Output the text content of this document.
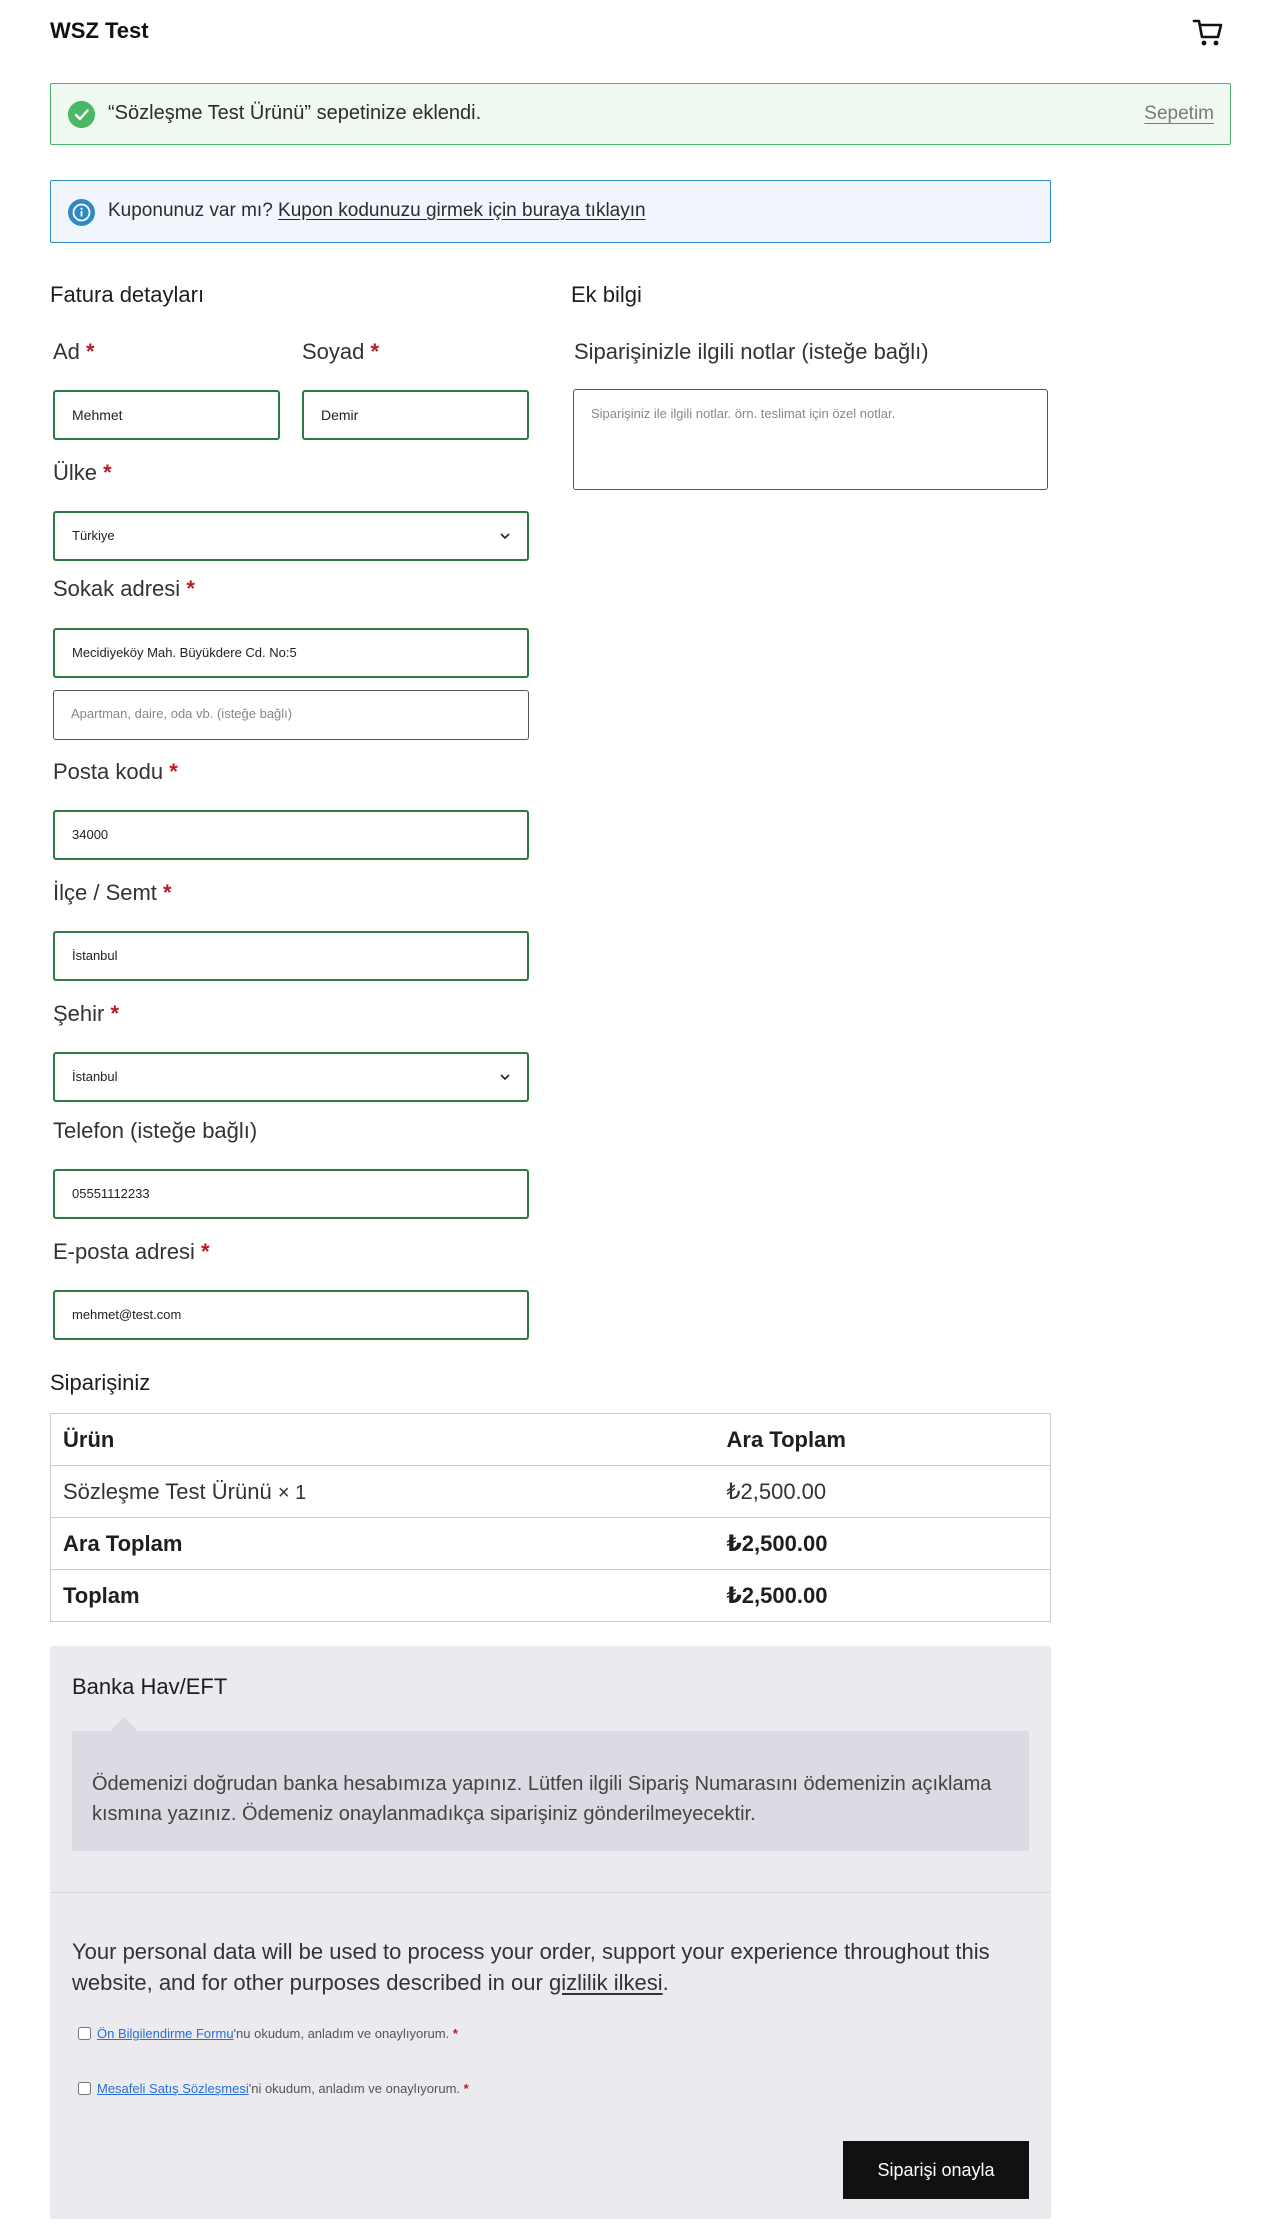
WSZ Test
“Sözleşme Test Ürünü” sepetinize eklendi.	Sepetim
Kuponunuz var mı? Kupon kodunuzu girmek için buraya tıklayın
Fatura detayları	Ek bilgi
Ad *
Mehmet
Soyad *
Demir
Siparişinizle ilgili notlar (isteğe bağlı)
Siparişiniz ile ilgili notlar. örn. teslimat için özel notlar.
Ülke *
Türkiye
Sokak adresi *
Mecidiyeköy Mah. Büyükdere Cd. No:5
Apartman, daire, oda vb. (isteğe bağlı)
Posta kodu *
34000
İlçe / Semt *
İstanbul
Şehir *
İstanbul
Telefon (isteğe bağlı)
05551112233
E-posta adresi *
mehmet@test.com
Siparişiniz
Ürün	Ara Toplam
Sözleşme Test Ürünü × 1	₺2,500.00
Ara Toplam	₺2,500.00
Toplam	₺2,500.00
Banka Hav/EFT
Ödemenizi doğrudan banka hesabımıza yapınız. Lütfen ilgili Sipariş Numarasını ödemenizin açıklama kısmına yazınız. Ödemeniz onaylanmadıkça siparişiniz gönderilmeyecektir.
Your personal data will be used to process your order, support your experience throughout this website, and for other purposes described in our gizlilik ilkesi.
Ön Bilgilendirme Formu'nu okudum, anladım ve onaylıyorum. *
Mesafeli Satış Sözleşmesi'ni okudum, anladım ve onaylıyorum. *
Siparişi onayla
